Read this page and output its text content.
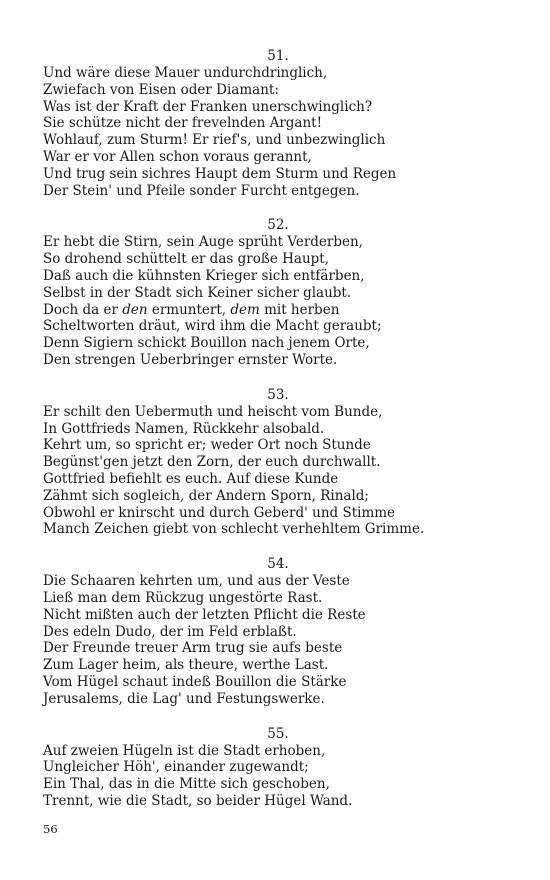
51.
Und wäre diese Mauer undurchdringlich,
Zwiefach von Eisen oder Diamant:
Was ist der Kraft der Franken unerschwinglich?
Sie schütze nicht der frevelnden Argant!
Wohlauf, zum Sturm! Er rief's, und unbezwinglich
War er vor Allen schon voraus gerannt,
Und trug sein sichres Haupt dem Sturm und Regen
Der Stein' und Pfeile sonder Furcht entgegen.
52.
Er hebt die Stirn, sein Auge sprüht Verderben,
So drohend schüttelt er das große Haupt,
Daß auch die kühnsten Krieger sich entfärben,
Selbst in der Stadt sich Keiner sicher glaubt.
Doch da er den ermuntert, dem mit herben
Scheltworten dräut, wird ihm die Macht geraubt;
Denn Sigiern schickt Bouillon nach jenem Orte,
Den strengen Ueberbringer ernster Worte.
53.
Er schilt den Uebermuth und heischt vom Bunde,
In Gottfrieds Namen, Rückkehr alsobald.
Kehrt um, so spricht er; weder Ort noch Stunde
Begünst'gen jetzt den Zorn, der euch durchwallt.
Gottfried befiehlt es euch. Auf diese Kunde
Zähmt sich sogleich, der Andern Sporn, Rinald;
Obwohl er knirscht und durch Geberd' und Stimme
Manch Zeichen giebt von schlecht verhehltem Grimme.
54.
Die Schaaren kehrten um, und aus der Veste
Ließ man dem Rückzug ungestörte Rast.
Nicht mißten auch der letzten Pflicht die Reste
Des edeln Dudo, der im Feld erblaßt.
Der Freunde treuer Arm trug sie aufs beste
Zum Lager heim, als theure, werthe Last.
Vom Hügel schaut indeß Bouillon die Stärke
Jerusalems, die Lag' und Festungswerke.
55.
Auf zweien Hügeln ist die Stadt erhoben,
Ungleicher Höh', einander zugewandt;
Ein Thal, das in die Mitte sich geschoben,
Trennt, wie die Stadt, so beider Hügel Wand.
56
